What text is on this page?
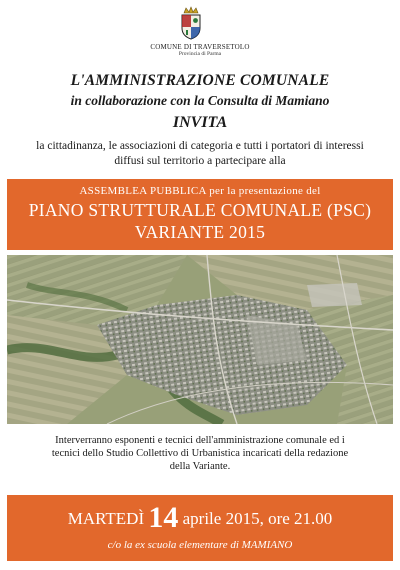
COMUNE DI TRAVERSETOLO
Provincia di Parma
L'AMMINISTRAZIONE COMUNALE
in collaborazione con la Consulta di Mamiano
INVITA
la cittadinanza, le associazioni di categoria e tutti i portatori di interessi
diffusi sul territorio a partecipare alla
ASSEMBLEA PUBBLICA per la presentazione del
PIANO STRUTTURALE COMUNALE (PSC)
VARIANTE 2015
Interverranno esponenti e tecnici dell'amministrazione comunale ed i
tecnici dello Studio Collettivo di Urbanistica incaricati della redazione
della Variante.
MARTEDÌ 14 aprile 2015, ore 21.00
c/o la ex scuola elementare di MAMIANO
